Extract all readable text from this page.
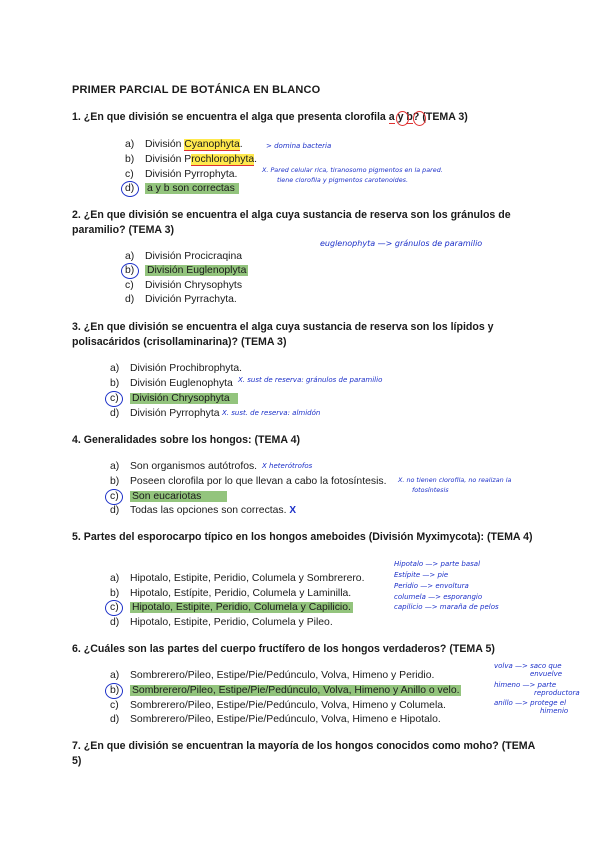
PRIMER PARCIAL DE BOTÁNICA EN BLANCO
1. ¿En que división se encuentra el alga que presenta clorofila a y b? (TEMA 3)
a) División Cyanophyta.
b) División Prochlorophyta.
c) División Pyrrophyta.
d) a y b son correctas
> domina bacteria
X. Pared celular rica, tiranosomo pigmentos en la pared.
tiene clorofila y pigmentos carotenoides.
2. ¿En que división se encuentra el alga cuya sustancia de reserva son los gránulos de paramilio? (TEMA 3)
a) División Procicraqina
b) División Euglenoplyta
c) División Chrysophyts
d) Divición Pyrrachyta.
euglenophyta —> gránulos de paramilio
3. ¿En que división se encuentra el alga cuya sustancia de reserva son los lípidos y polisacáridos (crisollaminarina)? (TEMA 3)
a) División Prochibrophyta.
b) División Euglenophyta
c) División Chrysophyta
d) División Pyrrophyta
X. sust de reserva: gránulos de paramilio
X. sust. de reserva: almidón
4. Generalidades sobre los hongos: (TEMA 4)
a) Son organismos autótrofos.
b) Poseen clorofila por lo que llevan a cabo la fotosíntesis.
c) Son eucariotas
d) Todas las opciones son correctas. X
X heterótrofos
X. no tienen clorofila, no realizan la
fotosíntesis
5. Partes del esporocarpo típico en los hongos ameboides (División Myximycota): (TEMA 4)
a) Hipotalo, Estipite, Peridio, Columela y Sombrerero.
b) Hipotalo, Estípite, Peridio, Columela y Laminilla.
c) Hipotalo, Estipite, Peridio, Columela y Capilicio.
d) Hipotalo, Estipite, Peridio, Columela y Pileo.
Hipotalo —> parte basal
Estípite —> pie
Peridio —> envoltura
columela —> esporangio
capilicio —> maraña de pelos
6. ¿Cuáles son las partes del cuerpo fructífero de los hongos verdaderos? (TEMA 5)
a) Sombrerero/Pileo, Estipe/Pie/Pedúnculo, Volva, Himeno y Peridio.
b) Sombrerero/Pileo, Estipe/Pie/Pedúnculo, Volva, Himeno y Anillo o velo.
c) Sombrerero/Pileo, Estipe/Pie/Pedúnculo, Volva, Himeno y Columela.
d) Sombrerero/Pileo, Estipe/Pie/Pedúnculo, Volva, Himeno e Hipotalo.
volva —> saco que
envuelve
himeno —> parte
reproductora
anillo —> protege el
himenio
7. ¿En que división se encuentran la mayoría de los hongos conocidos como moho? (TEMA 5)
